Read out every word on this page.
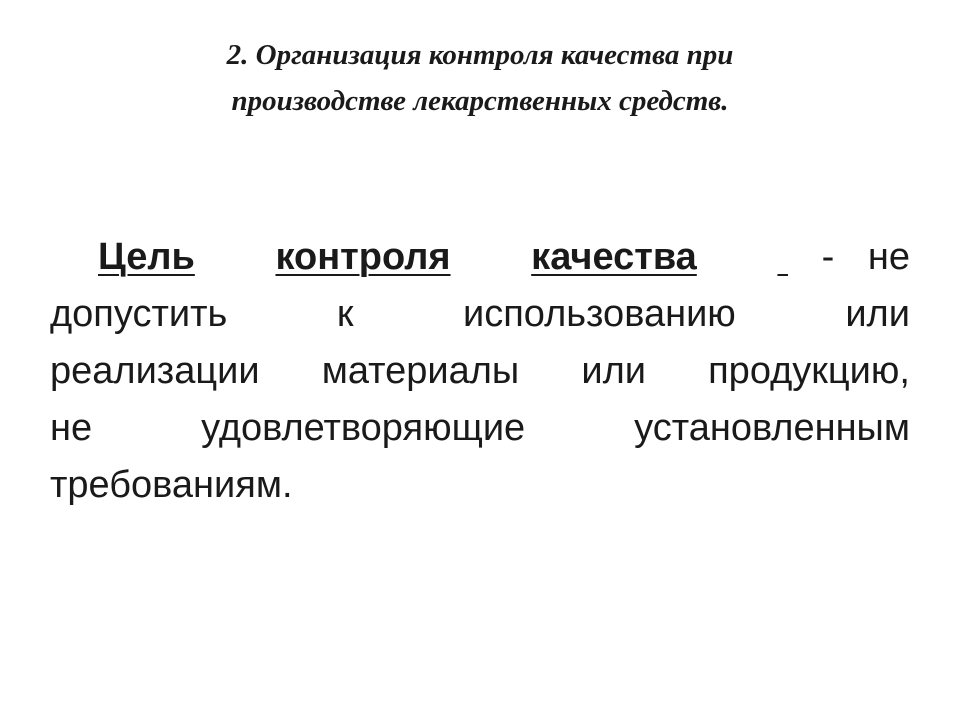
2. Организация контроля качества при
производстве лекарственных средств.
Цель контроля качества
	- не
допустить	к	использованию	или
реализации материалы или продукцию,
не	удовлетворяющие	установленным
требованиям.
